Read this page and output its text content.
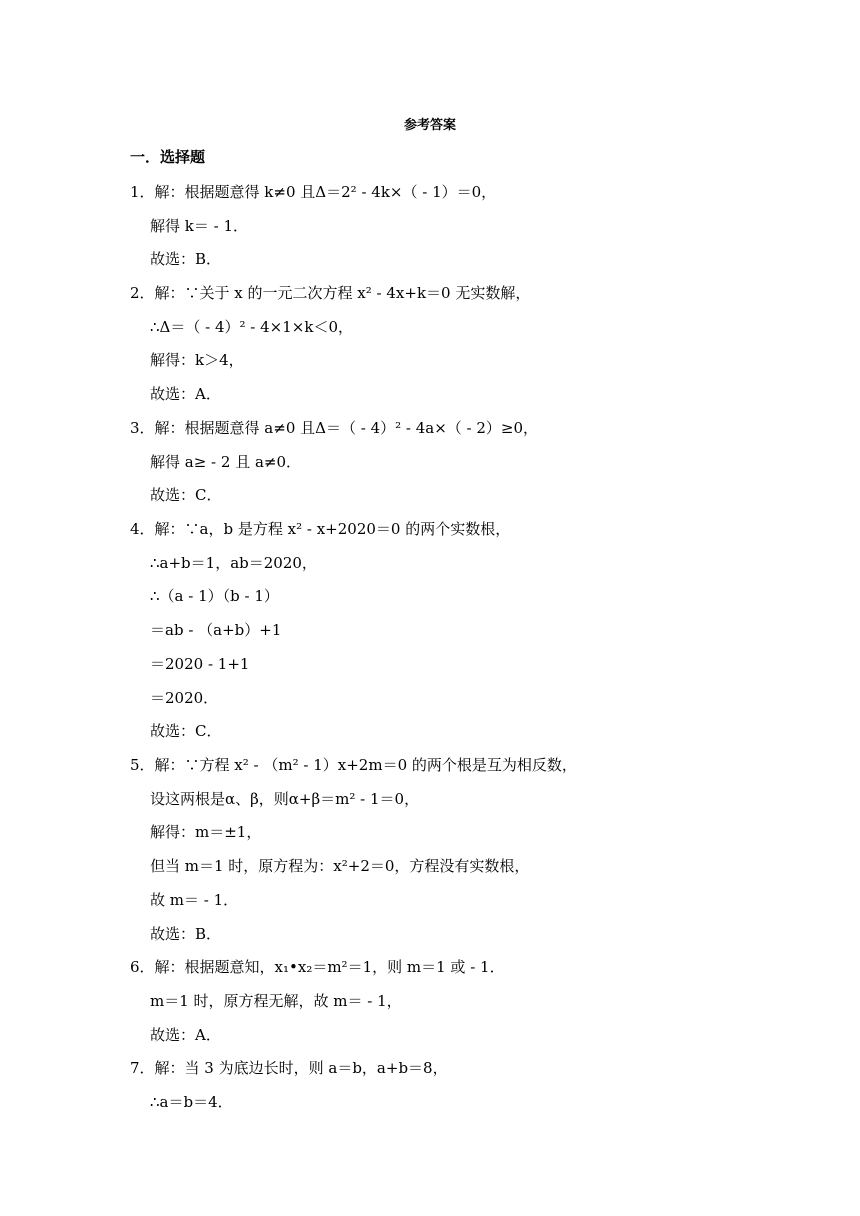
参考答案
一．选择题
1．解：根据题意得 k≠0 且Δ＝2² - 4k×（ - 1）＝0，
解得 k＝ - 1．
故选：B．
2．解：∵关于 x 的一元二次方程 x² - 4x+k＝0 无实数解，
∴Δ＝（ - 4）² - 4×1×k＜0，
解得：k＞4，
故选：A．
3．解：根据题意得 a≠0 且Δ＝（ - 4）² - 4a×（ - 2）≥0，
解得 a≥ - 2 且 a≠0．
故选：C．
4．解：∵a，b 是方程 x² - x+2020＝0 的两个实数根，
∴a+b＝1，ab＝2020，
∴（a - 1）（b - 1）
＝ab - （a+b）+1
＝2020 - 1+1
＝2020．
故选：C．
5．解：∵方程 x² - （m² - 1）x+2m＝0 的两个根是互为相反数，
设这两根是α、β，则α+β＝m² - 1＝0，
解得：m＝±1，
但当 m＝1 时，原方程为：x²+2＝0，方程没有实数根，
故 m＝ - 1．
故选：B．
6．解：根据题意知，x₁•x₂＝m²＝1，则 m＝1 或 - 1．
m＝1 时，原方程无解，故 m＝ - 1，
故选：A．
7．解：当 3 为底边长时，则 a＝b，a+b＝8，
∴a＝b＝4．
